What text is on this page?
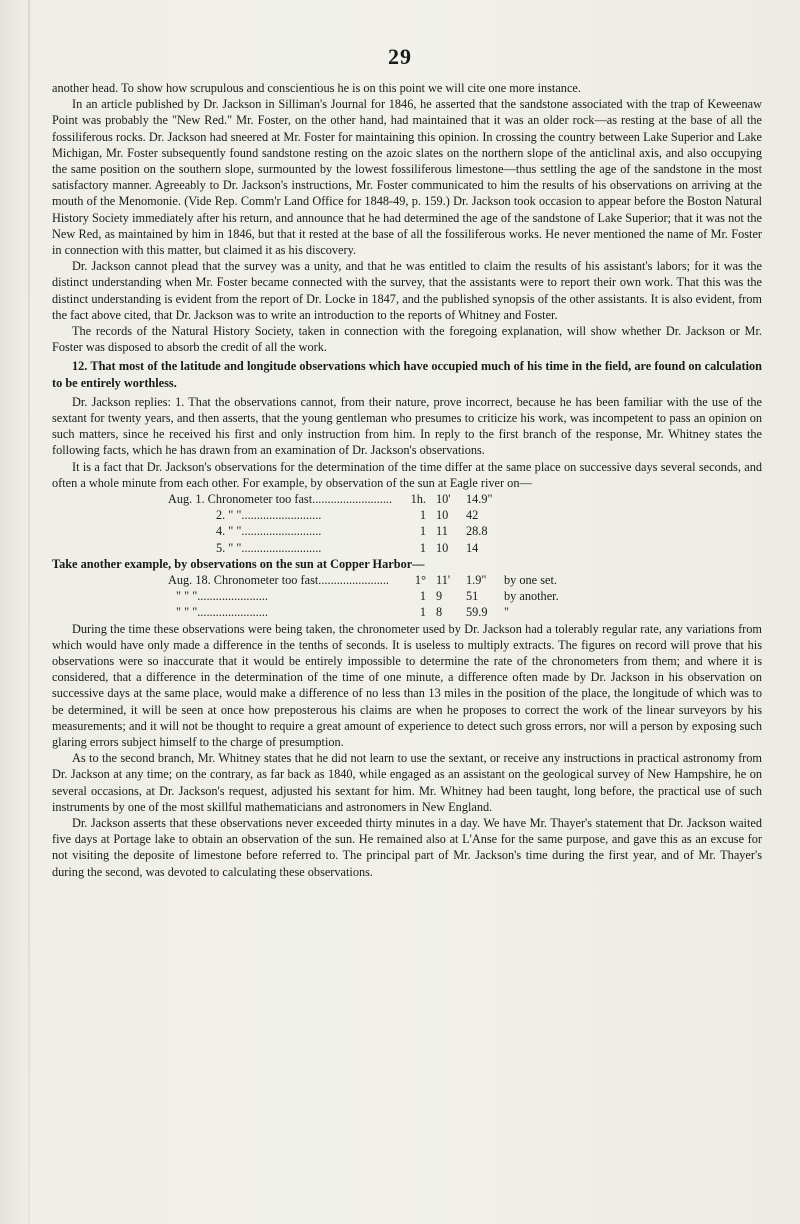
29

another head. To show how scrupulous and conscientious he is on this point we will cite one more instance.

In an article published by Dr. Jackson in Silliman's Journal for 1846, he asserted that the sandstone associated with the trap of Keweenaw Point was probably the "New Red." Mr. Foster, on the other hand, had maintained that it was an older rock—as resting at the base of all the fossiliferous rocks. Dr. Jackson had sneered at Mr. Foster for maintaining this opinion. In crossing the country between Lake Superior and Lake Michigan, Mr. Foster subsequently found sandstone resting on the azoic slates on the northern slope of the anticlinal axis, and also occupying the same position on the southern slope, surmounted by the lowest fossiliferous limestone—thus settling the age of the sandstone in the most satisfactory manner. Agreeably to Dr. Jackson's instructions, Mr. Foster communicated to him the results of his observations on arriving at the mouth of the Menomonie. (Vide Rep. Comm'r Land Office for 1848-49, p. 159.) Dr. Jackson took occasion to appear before the Boston Natural History Society immediately after his return, and announce that he had determined the age of the sandstone of Lake Superior; that it was not the New Red, as maintained by him in 1846, but that it rested at the base of all the fossiliferous works. He never mentioned the name of Mr. Foster in connection with this matter, but claimed it as his discovery.

Dr. Jackson cannot plead that the survey was a unity, and that he was entitled to claim the results of his assistant's labors; for it was the distinct understanding when Mr. Foster became connected with the survey, that the assistants were to report their own work. That this was the distinct understanding is evident from the report of Dr. Locke in 1847, and the published synopsis of the other assistants. It is also evident, from the fact above cited, that Dr. Jackson was to write an introduction to the reports of Whitney and Foster.

The records of the Natural History Society, taken in connection with the foregoing explanation, will show whether Dr. Jackson or Mr. Foster was disposed to absorb the credit of all the work.

12. That most of the latitude and longitude observations which have occupied much of his time in the field, are found on calculation to be entirely worthless.

Dr. Jackson replies: 1. That the observations cannot, from their nature, prove incorrect, because he has been familiar with the use of the sextant for twenty years, and then asserts, that the young gentleman who presumes to criticize his work, was incompetent to pass an opinion on such matters, since he received his first and only instruction from him. In reply to the first branch of the response, Mr. Whitney states the following facts, which he has drawn from an examination of Dr. Jackson's observations.

It is a fact that Dr. Jackson's observations for the determination of the time differ at the same place on successive days several seconds, and often a whole minute from each other. For example, by observation of the sun at Eagle river on—

Aug. 1. Chronometer too fast..........................	1h. 10'	14.9"
2. " "..........................	1 10	42
4. " "..........................	1 11	28.8
5. " "..........................	1 10	14

Take another example, by observations on the sun at Copper Harbor—

Aug. 18. Chronometer too fast.......................	1° 11'	1.9"	by one set.
" " ".......................	1 9	51	by another.
" " ".......................	1 8	59.9	"

During the time these observations were being taken, the chronometer used by Dr. Jackson had a tolerably regular rate, any variations from which would have only made a difference in the tenths of seconds. It is useless to multiply extracts. The figures on record will prove that his observations were so inaccurate that it would be entirely impossible to determine the rate of the chronometers from them; and where it is considered, that a difference in the determination of the time of one minute, a difference often made by Dr. Jackson in his observation on successive days at the same place, would make a difference of no less than 13 miles in the position of the place, the longitude of which was to be determined, it will be seen at once how preposterous his claims are when he proposes to correct the work of the linear surveyors by his measurements; and it will not be thought to require a great amount of experience to detect such gross errors, nor will a person by exposing such glaring errors subject himself to the charge of presumption.

As to the second branch, Mr. Whitney states that he did not learn to use the sextant, or receive any instructions in practical astronomy from Dr. Jackson at any time; on the contrary, as far back as 1840, while engaged as an assistant on the geological survey of New Hampshire, he on several occasions, at Dr. Jackson's request, adjusted his sextant for him. Mr. Whitney had been taught, long before, the practical use of such instruments by one of the most skillful mathematicians and astronomers in New England.

Dr. Jackson asserts that these observations never exceeded thirty minutes in a day. We have Mr. Thayer's statement that Dr. Jackson waited five days at Portage lake to obtain an observation of the sun. He remained also at L'Anse for the same purpose, and gave this as an excuse for not visiting the deposite of limestone before referred to. The principal part of Mr. Jackson's time during the first year, and of Mr. Thayer's during the second, was devoted to calculating these observations.
